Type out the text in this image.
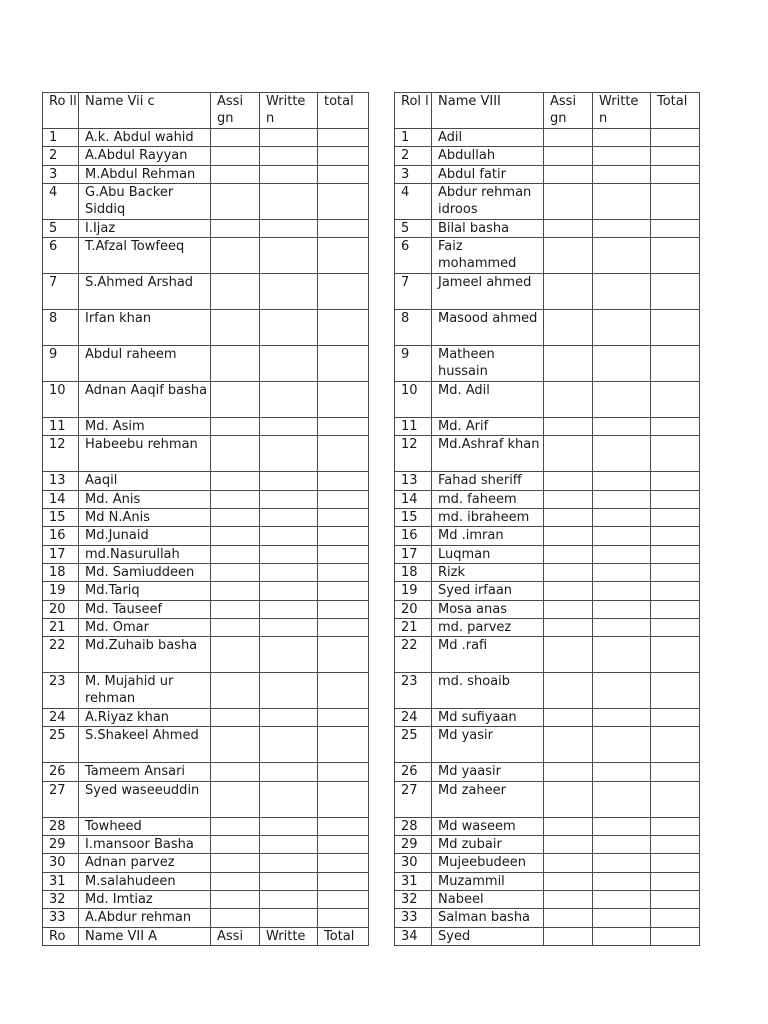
Ro ll	Name Vii c	Assi gn	Writte n	total
1	A.k. Abdul wahid			
2	A.Abdul Rayyan			
3	M.Abdul Rehman			
4	G.Abu Backer Siddiq			
5	I.Ijaz			
6	T.Afzal Towfeeq			
7	S.Ahmed Arshad			
8	Irfan khan			
9	Abdul raheem			
10	Adnan Aaqif basha			
11	Md. Asim			
12	Habeebu rehman			
13	Aaqil			
14	Md. Anis			
15	Md N.Anis			
16	Md.Junaid			
17	md.Nasurullah			
18	Md. Samiuddeen			
19	Md.Tariq			
20	Md. Tauseef			
21	Md. Omar			
22	Md.Zuhaib basha			
23	M. Mujahid ur rehman			
24	A.Riyaz khan			
25	S.Shakeel Ahmed			
26	Tameem Ansari			
27	Syed waseeuddin			
28	Towheed			
29	I.mansoor Basha			
30	Adnan parvez			
31	M.salahudeen			
32	Md. Imtiaz			
33	A.Abdur rehman			
Ro	Name VII A	Assi	Writte	Total
Rol l	Name VIII	Assi gn	Writte n	Total
1	Adil			
2	Abdullah			
3	Abdul fatir			
4	Abdur rehman idroos			
5	Bilal basha			
6	Faiz mohammed			
7	Jameel ahmed			
8	Masood ahmed			
9	Matheen hussain			
10	Md. Adil			
11	Md. Arif			
12	Md.Ashraf khan			
13	Fahad sheriff			
14	md. faheem			
15	md. ibraheem			
16	Md .imran			
17	Luqman			
18	Rizk			
19	Syed irfaan			
20	Mosa anas			
21	md. parvez			
22	Md .rafi			
23	md. shoaib			
24	Md sufiyaan			
25	Md yasir			
26	Md yaasir			
27	Md zaheer			
28	Md waseem			
29	Md zubair			
30	Mujeebudeen			
31	Muzammil			
32	Nabeel			
33	Salman basha			
34	Syed			
